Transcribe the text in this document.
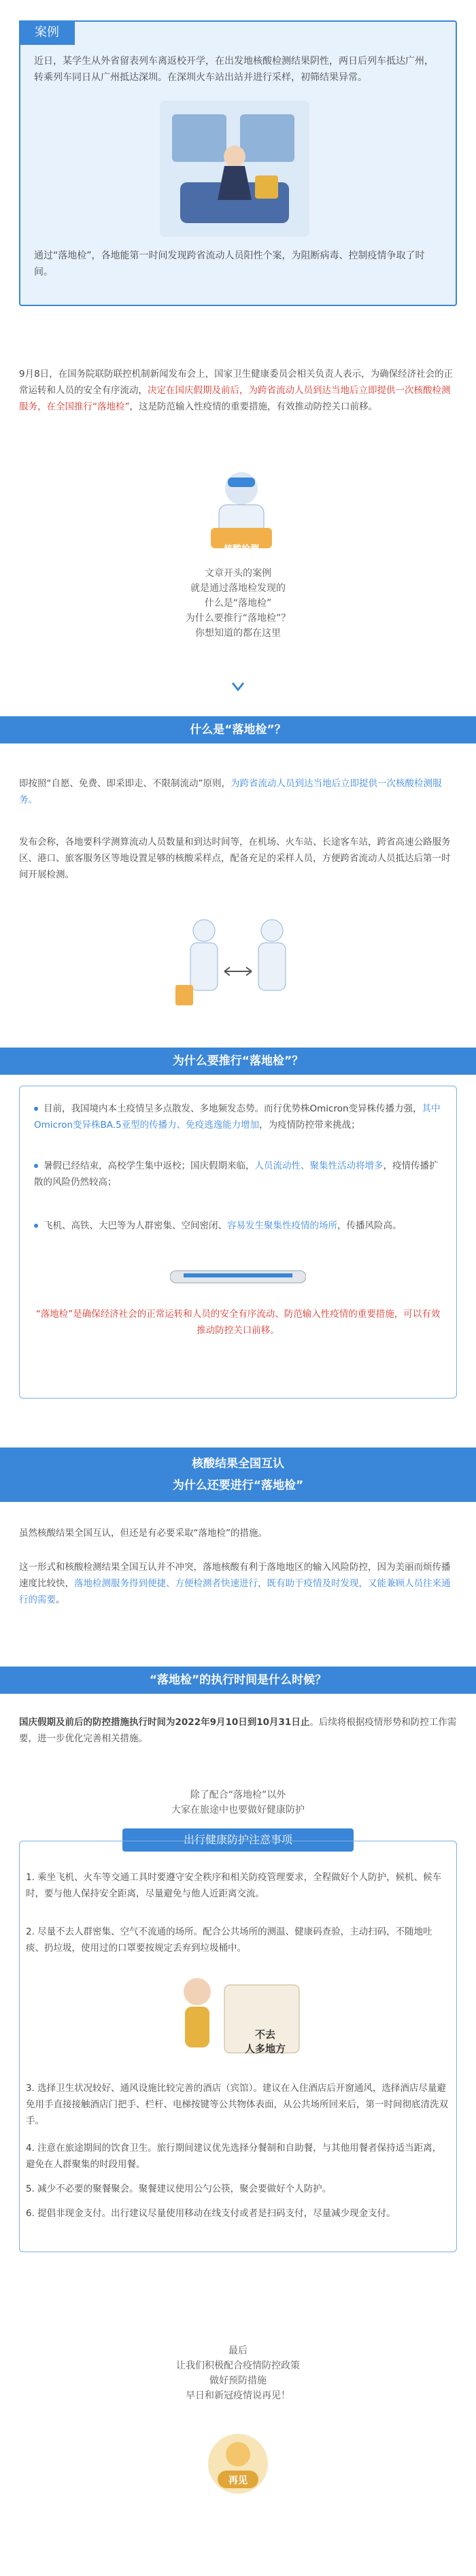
案例
近日，某学生从外省留表列车离返校开学，在出发地核酸检测结果阴性，两日后列车抵达广州，转乘列车同日从广州抵达深圳。在深圳火车站出站并进行采样，初筛结果异常。
通过“落地检”，各地能第一时间发现跨省流动人员阳性个案，为阻断病毒、控制疫情争取了时间。
9月8日，在国务院联防联控机制新闻发布会上，国家卫生健康委员会相关负责人表示，为确保经济社会的正常运转和人员的安全有序流动，决定在国庆假期及前后，为跨省流动人员到达当地后立即提供一次核酸检测服务，在全国推行“落地检”，这是防范输入性疫情的重要措施，有效推动防控关口前移。
核酸检测
文章开头的案例
就是通过落地检发现的
什么是“落地检”
为什么要推行“落地检”？
你想知道的都在这里
什么是“落地检”？
即按照“自愿、免费、即采即走、不限制流动”原则，为跨省流动人员到达当地后立即提供一次核酸检测服务。
发布会称，各地要科学测算流动人员数量和到达时间等，在机场、火车站、长途客车站，跨省高速公路服务区、港口、旅客服务区等地设置足够的核酸采样点，配备充足的采样人员，方便跨省流动人员抵达后第一时间开展检测。
为什么要推行“落地检”？
目前，我国境内本土疫情呈多点散发、多地频发态势。而行优势株Omicron变异株传播力强，其中Omicron变异株BA.5亚型的传播力、免疫逃逸能力增加，为疫情防控带来挑战；
暑假已经结束，高校学生集中返校；国庆假期来临，人员流动性、聚集性活动将增多，疫情传播扩散的风险仍然较高；
飞机、高铁、大巴等为人群密集、空间密闭、容易发生聚集性疫情的场所，传播风险高。
“落地检”是确保经济社会的正常运转和人员的安全有序流动、防范输入性疫情的重要措施，可以有效推动防控关口前移。
核酸结果全国互认
为什么还要进行“落地检”
虽然核酸结果全国互认，但还是有必要采取“落地检”的措施。
这一形式和核酸检测结果全国互认并不冲突，落地核酸有利于落地地区的输入风险防控，因为美丽而烦传播速度比较快，落地检测服务得到便捷、方便检测者快速进行，既有助于疫情及时发现，又能兼顾人员往来通行的需要。
“落地检”的执行时间是什么时候？
国庆假期及前后的防控措施执行时间为2022年9月10日到10月31日止。后续将根据疫情形势和防控工作需要，进一步优化完善相关措施。
除了配合“落地检”以外
大家在旅途中也要做好健康防护
出行健康防护注意事项
1. 乘坐飞机、火车等交通工具时要遵守安全秩序和相关防疫管理要求，全程做好个人防护，候机、候车时，要与他人保持安全距离，尽量避免与他人近距离交流。
2. 尽量不去人群密集、空气不流通的场所。配合公共场所的测温、健康码查验，主动扫码，不随地吐痰、扔垃圾，使用过的口罩要按规定丢弃到垃圾桶中。
不去
人多地方
3. 选择卫生状况较好、通风设施比较完善的酒店（宾馆）。建议在入住酒店后开窗通风，选择酒店尽量避免用手直接接触酒店门把手、栏杆、电梯按键等公共物体表面，从公共场所回来后，第一时间彻底清洗双手。
4. 注意在旅途期间的饮食卫生。旅行期间建议优先选择分餐制和自助餐，与其他用餐者保持适当距离，避免在人群聚集的时段用餐。
5. 减少不必要的聚餐聚会。聚餐建议使用公勺公筷，聚会要做好个人防护。
6. 提倡非现金支付。出行建议尽量使用移动在线支付或者是扫码支付，尽量减少现金支付。
最后
让我们积极配合疫情防控政策
做好预防措施
早日和新冠疫情说再见！
再见
